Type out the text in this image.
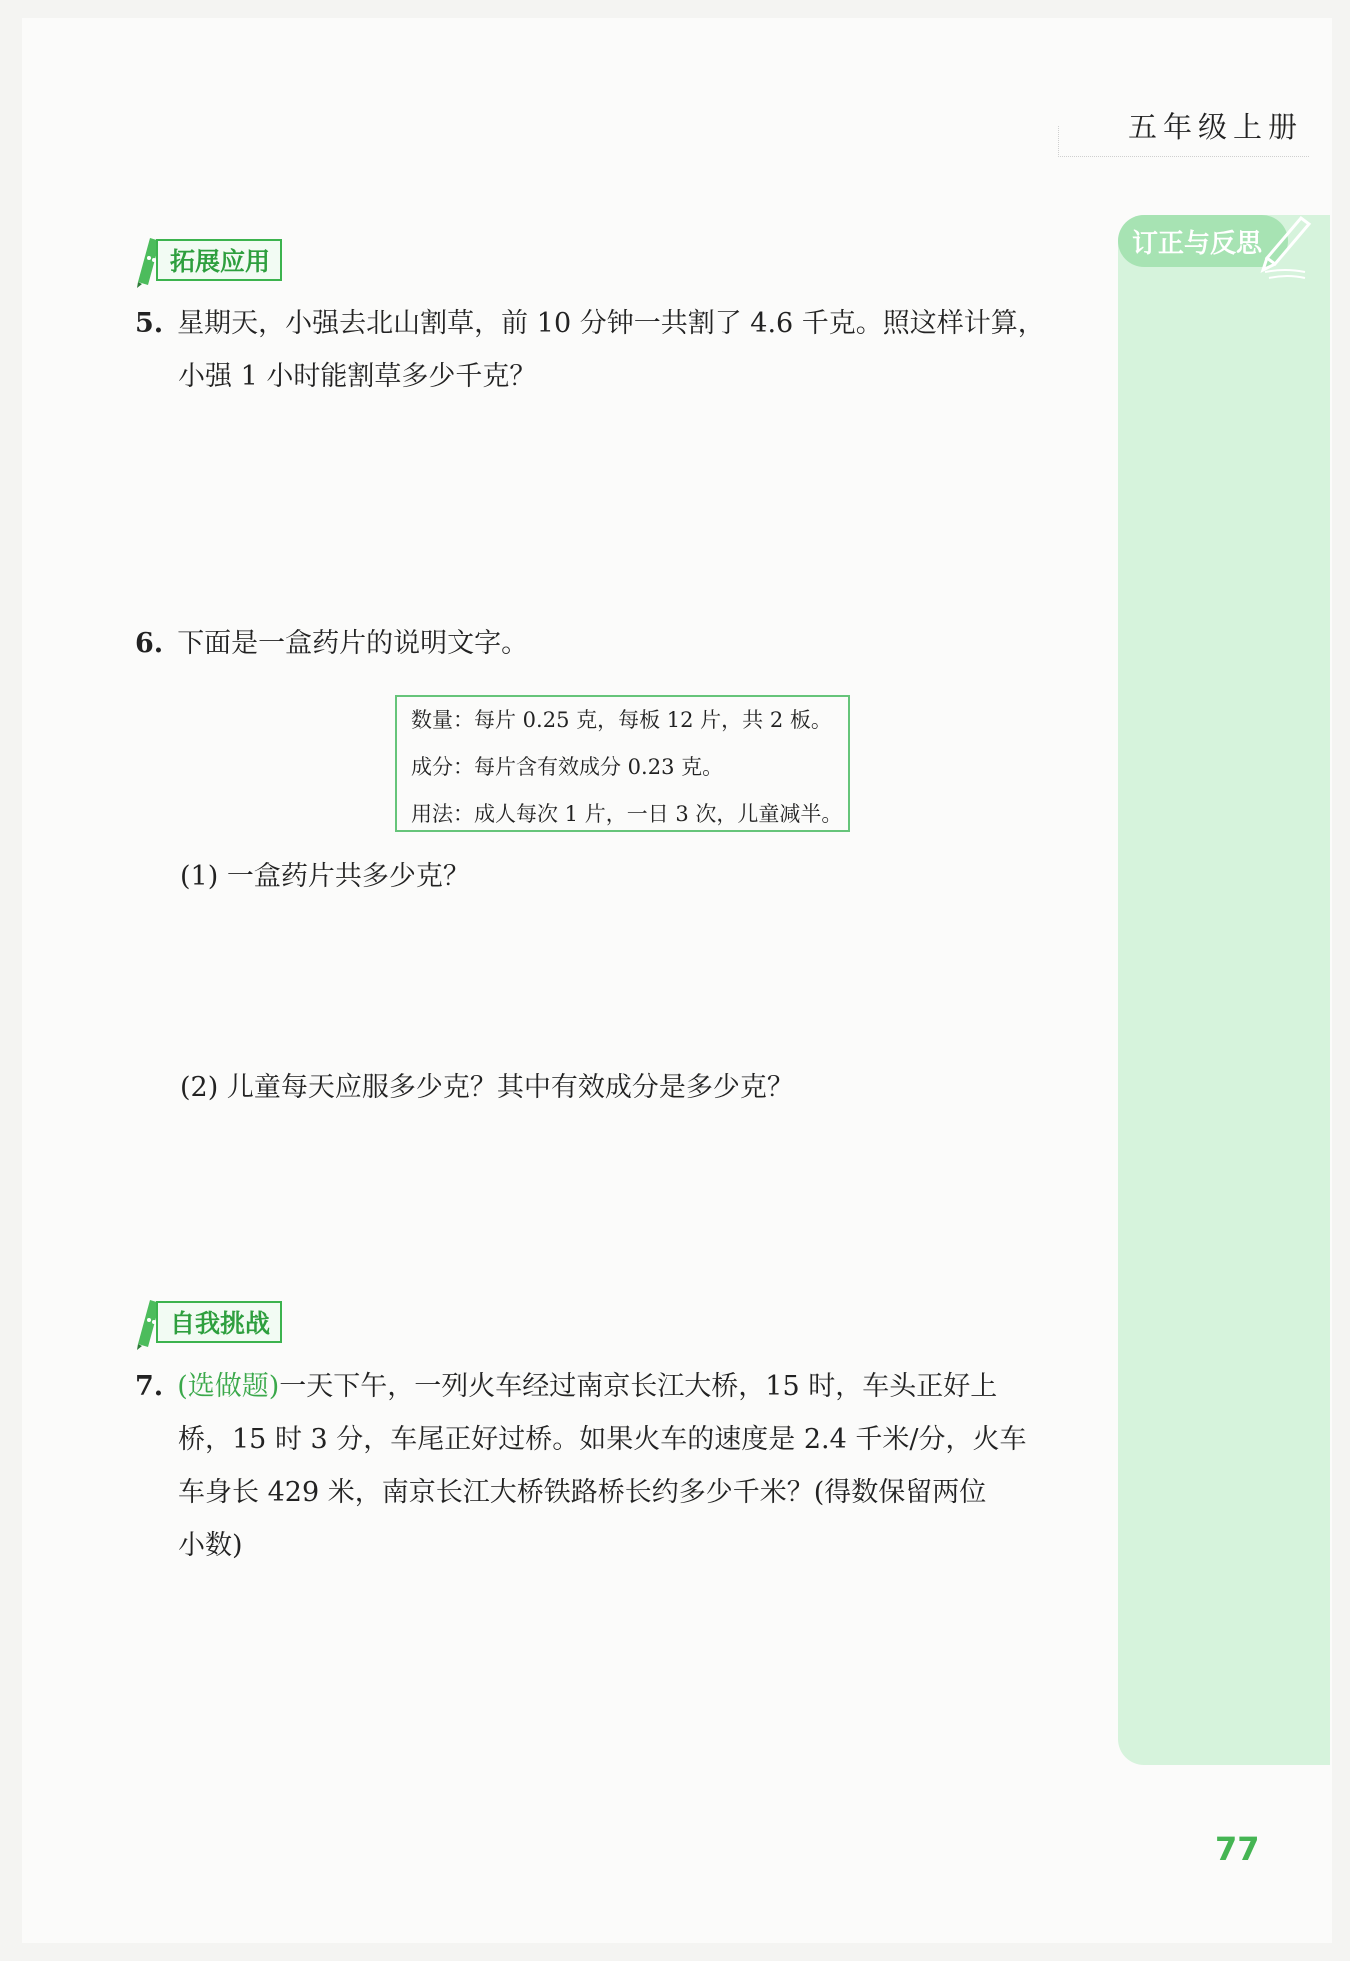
五年级上册
订正与反思
拓展应用
5. 星期天，小强去北山割草，前 10 分钟一共割了 4.6 千克。照这样计算，
小强 1 小时能割草多少千克？
6. 下面是一盒药片的说明文字。
数量：每片 0.25 克，每板 12 片，共 2 板。
成分：每片含有效成分 0.23 克。
用法：成人每次 1 片，一日 3 次，儿童减半。
(1) 一盒药片共多少克？
(2) 儿童每天应服多少克？其中有效成分是多少克？
自我挑战
7. (选做题)一天下午，一列火车经过南京长江大桥，15 时，车头正好上
桥，15 时 3 分，车尾正好过桥。如果火车的速度是 2.4 千米/分，火车
车身长 429 米，南京长江大桥铁路桥长约多少千米？(得数保留两位
小数)
77
